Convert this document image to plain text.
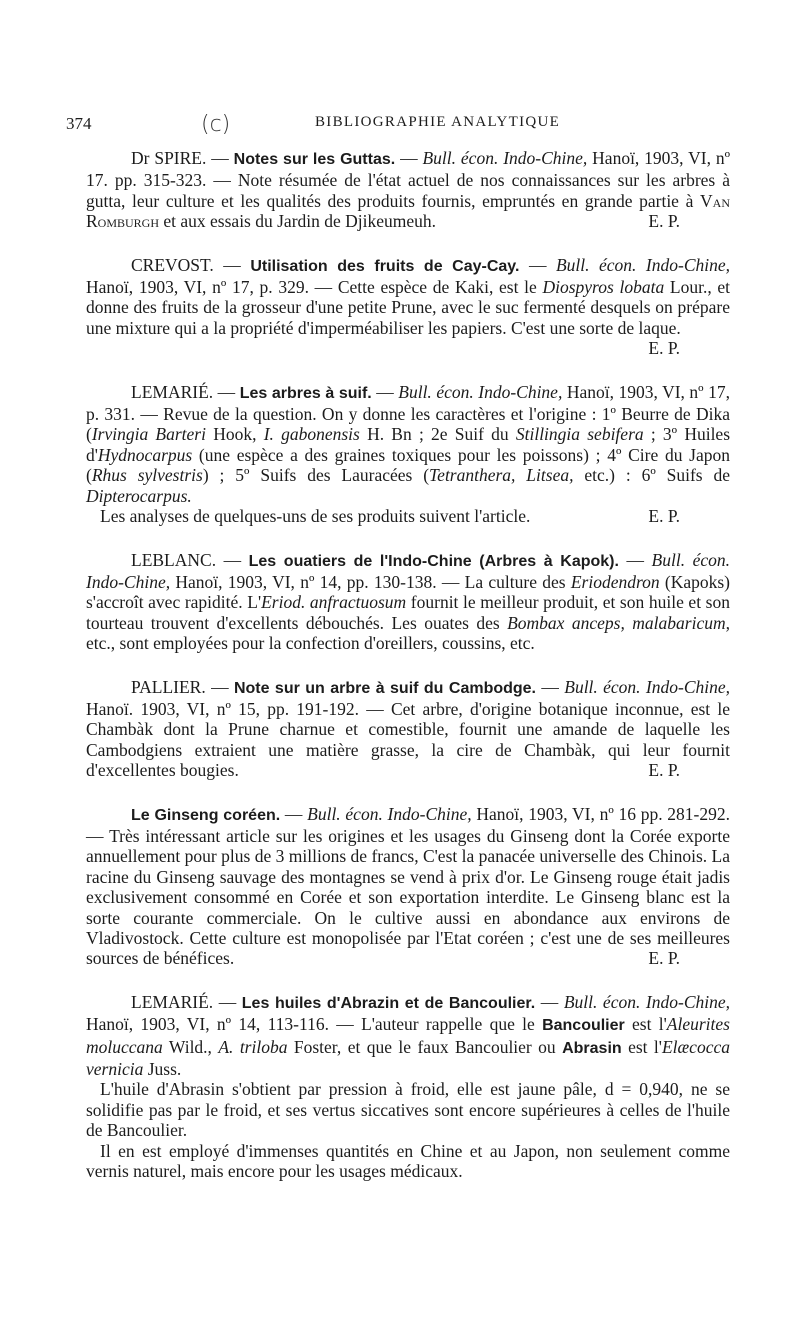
374	(c)	BIBLIOGRAPHIE ANALYTIQUE

Dr SPIRE. — Notes sur les Guttas. — Bull. écon. Indo-Chine, Hanoï, 1903, VI, nº 17. pp. 315-323. — Note résumée de l'état actuel de nos connaissances sur les arbres à gutta, leur culture et les qualités des produits fournis, empruntés en grande partie à Van Romburgh et aux essais du Jardin de Djikeumeuh.	E. P.

CREVOST. — Utilisation des fruits de Cay-Cay. — Bull. écon. Indo-Chine, Hanoï, 1903, VI, nº 17, p. 329. — Cette espèce de Kaki, est le Diospyros lobata Lour., et donne des fruits de la grosseur d'une petite Prune, avec le suc fermenté desquels on prépare une mixture qui a la propriété d'imperméabiliser les papiers. C'est une sorte de laque.
E. P.

LEMARIÉ. — Les arbres à suif. — Bull. écon. Indo-Chine, Hanoï, 1903, VI, nº 17, p. 331. — Revue de la question. On y donne les caractères et l'origine : 1º Beurre de Dika (Irvingia Barteri Hook, I. gabonensis H. Bn ; 2e Suif du Stillingia sebifera ; 3º Huiles d'Hydnocarpus (une espèce a des graines toxiques pour les poissons) ; 4º Cire du Japon (Rhus sylvestris) ; 5º Suifs des Lauracées (Tetranthera, Litsea, etc.) : 6º Suifs de Dipterocarpus.

Les analyses de quelques-uns de ses produits suivent l'article.	E. P.

LEBLANC. — Les ouatiers de l'Indo-Chine (Arbres à Kapok). — Bull. écon. Indo-Chine, Hanoï, 1903, VI, nº 14, pp. 130-138. — La culture des Eriodendron (Kapoks) s'accroît avec rapidité. L'Eriod. anfractuosum fournit le meilleur produit, et son huile et son tourteau trouvent d'excellents débouchés. Les ouates des Bombax anceps, malabaricum, etc., sont employées pour la confection d'oreillers, coussins, etc.

PALLIER. — Note sur un arbre à suif du Cambodge. — Bull. écon. Indo-Chine, Hanoï. 1903, VI, nº 15, pp. 191-192. — Cet arbre, d'origine botanique inconnue, est le Chambàk dont la Prune charnue et comestible, fournit une amande de laquelle les Cambodgiens extraient une matière grasse, la cire de Chambàk, qui leur fournit d'excellentes bougies.	E. P.

Le Ginseng coréen. — Bull. écon. Indo-Chine, Hanoï, 1903, VI, nº 16 pp. 281-292. — Très intéressant article sur les origines et les usages du Ginseng dont la Corée exporte annuellement pour plus de 3 millions de francs, C'est la panacée universelle des Chinois. La racine du Ginseng sauvage des montagnes se vend à prix d'or. Le Ginseng rouge était jadis exclusivement consommé en Corée et son exportation interdite. Le Ginseng blanc est la sorte courante commerciale. On le cultive aussi en abondance aux environs de Vladivostock. Cette culture est monopolisée par l'Etat coréen ; c'est une de ses meilleures sources de bénéfices.	E. P.

LEMARIÉ. — Les huiles d'Abrazin et de Bancoulier. — Bull. écon. Indo-Chine, Hanoï, 1903, VI, nº 14, 113-116. — L'auteur rappelle que le Bancoulier est l'Aleurites moluccana Wild., A. triloba Foster, et que le faux Bancoulier ou Abrasin est l'Elæcocca vernicia Juss.

L'huile d'Abrasin s'obtient par pression à froid, elle est jaune pâle, d = 0,940, ne se solidifie pas par le froid, et ses vertus siccatives sont encore supérieures à celles de l'huile de Bancoulier.

Il en est employé d'immenses quantités en Chine et au Japon, non seulement comme vernis naturel, mais encore pour les usages médicaux.
